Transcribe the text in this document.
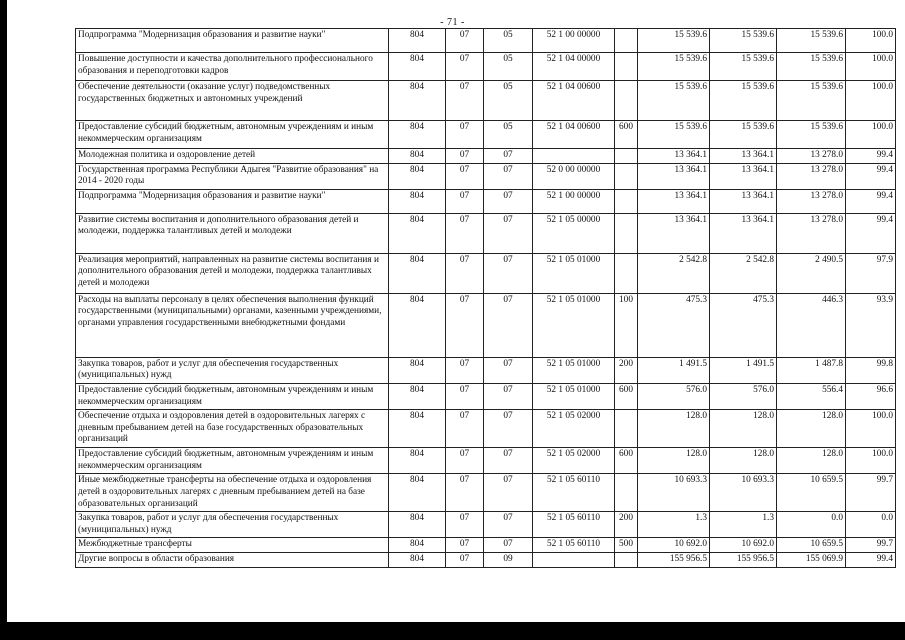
- 71 -
Подпрограмма "Модернизация образования и развитие науки"	804	07	05	52 1 00 00000		15 539.6	15 539.6	15 539.6	100.0
Повышение доступности и качества дополнительного профессионального образования и переподготовки кадров	804	07	05	52 1 04 00000		15 539.6	15 539.6	15 539.6	100.0
Обеспечение деятельности (оказание услуг) подведомственных государственных бюджетных и автономных учреждений	804	07	05	52 1 04 00600		15 539.6	15 539.6	15 539.6	100.0
Предоставление субсидий бюджетным, автономным учреждениям и иным некоммерческим организациям	804	07	05	52 1 04 00600	600	15 539.6	15 539.6	15 539.6	100.0
Молодежная политика и оздоровление детей	804	07	07			13 364.1	13 364.1	13 278.0	99.4
Государственная программа Республики Адыгея "Развитие образования" на 2014 - 2020 годы	804	07	07	52 0 00 00000		13 364.1	13 364.1	13 278.0	99.4
Подпрограмма "Модернизация образования и развитие науки"	804	07	07	52 1 00 00000		13 364.1	13 364.1	13 278.0	99.4
Развитие системы воспитания и дополнительного образования детей и молодежи, поддержка талантливых детей и молодежи	804	07	07	52 1 05 00000		13 364.1	13 364.1	13 278.0	99.4
Реализация мероприятий, направленных на развитие системы воспитания и дополнительного образования детей и молодежи, поддержка талантливых детей и молодежи	804	07	07	52 1 05 01000		2 542.8	2 542.8	2 490.5	97.9
Расходы на выплаты персоналу в целях обеспечения выполнения функций государственными (муниципальными) органами, казенными учреждениями, органами управления государственными внебюджетными фондами	804	07	07	52 1 05 01000	100	475.3	475.3	446.3	93.9
Закупка товаров, работ и услуг для обеспечения государственных (муниципальных) нужд	804	07	07	52 1 05 01000	200	1 491.5	1 491.5	1 487.8	99.8
Предоставление субсидий бюджетным, автономным учреждениям и иным некоммерческим организациям	804	07	07	52 1 05 01000	600	576.0	576.0	556.4	96.6
Обеспечение отдыха и оздоровления детей в оздоровительных лагерях с дневным пребыванием детей на базе государственных образовательных организаций	804	07	07	52 1 05 02000		128.0	128.0	128.0	100.0
Предоставление субсидий бюджетным, автономным учреждениям и иным некоммерческим организациям	804	07	07	52 1 05 02000	600	128.0	128.0	128.0	100.0
Иные межбюджетные трансферты на обеспечение отдыха и оздоровления детей в оздоровительных лагерях с дневным пребыванием детей на базе образовательных организаций	804	07	07	52 1 05 60110		10 693.3	10 693.3	10 659.5	99.7
Закупка товаров, работ и услуг для обеспечения государственных (муниципальных) нужд	804	07	07	52 1 05 60110	200	1.3	1.3	0.0	0.0
Межбюджетные трансферты	804	07	07	52 1 05 60110	500	10 692.0	10 692.0	10 659.5	99.7
Другие вопросы в области образования	804	07	09			155 956.5	155 956.5	155 069.9	99.4
